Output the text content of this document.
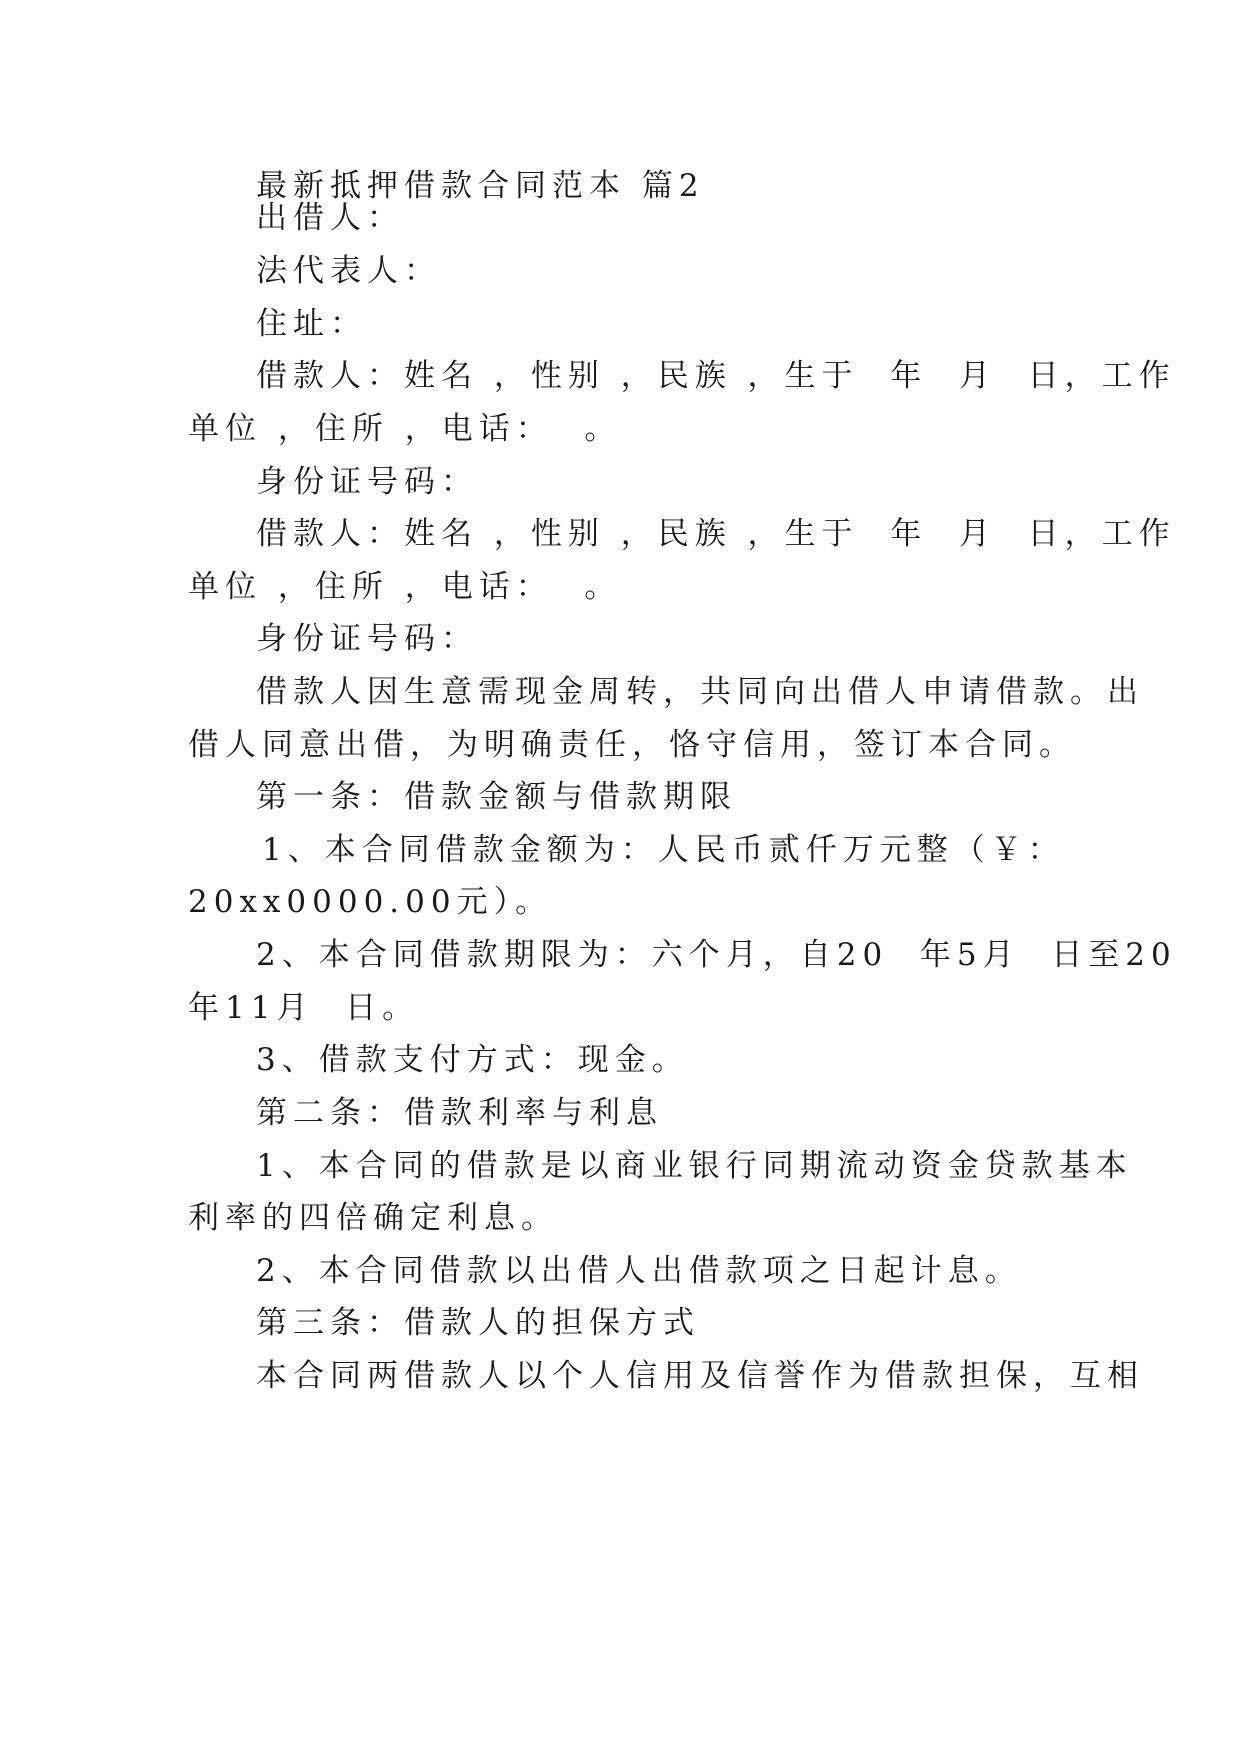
最新抵押借款合同范本 篇2
出借人：
法代表人：
住址：
借款人：姓名 ，性别 ，民族 ，生于  年  月  日，工作
单位 ，住所 ，电话：  。
身份证号码：
借款人：姓名 ，性别 ，民族 ，生于  年  月  日，工作
单位 ，住所 ，电话：  。
身份证号码：
借款人因生意需现金周转，共同向出借人申请借款。出
借人同意出借，为明确责任，恪守信用，签订本合同。
第一条：借款金额与借款期限
1、本合同借款金额为：人民币贰仟万元整（￥：
20xx0000.00元）。
2、本合同借款期限为：六个月，自20  年5月  日至20
年11月  日。
3、借款支付方式：现金。
第二条：借款利率与利息
1、本合同的借款是以商业银行同期流动资金贷款基本
利率的四倍确定利息。
2、本合同借款以出借人出借款项之日起计息。
第三条：借款人的担保方式
本合同两借款人以个人信用及信誉作为借款担保，互相
